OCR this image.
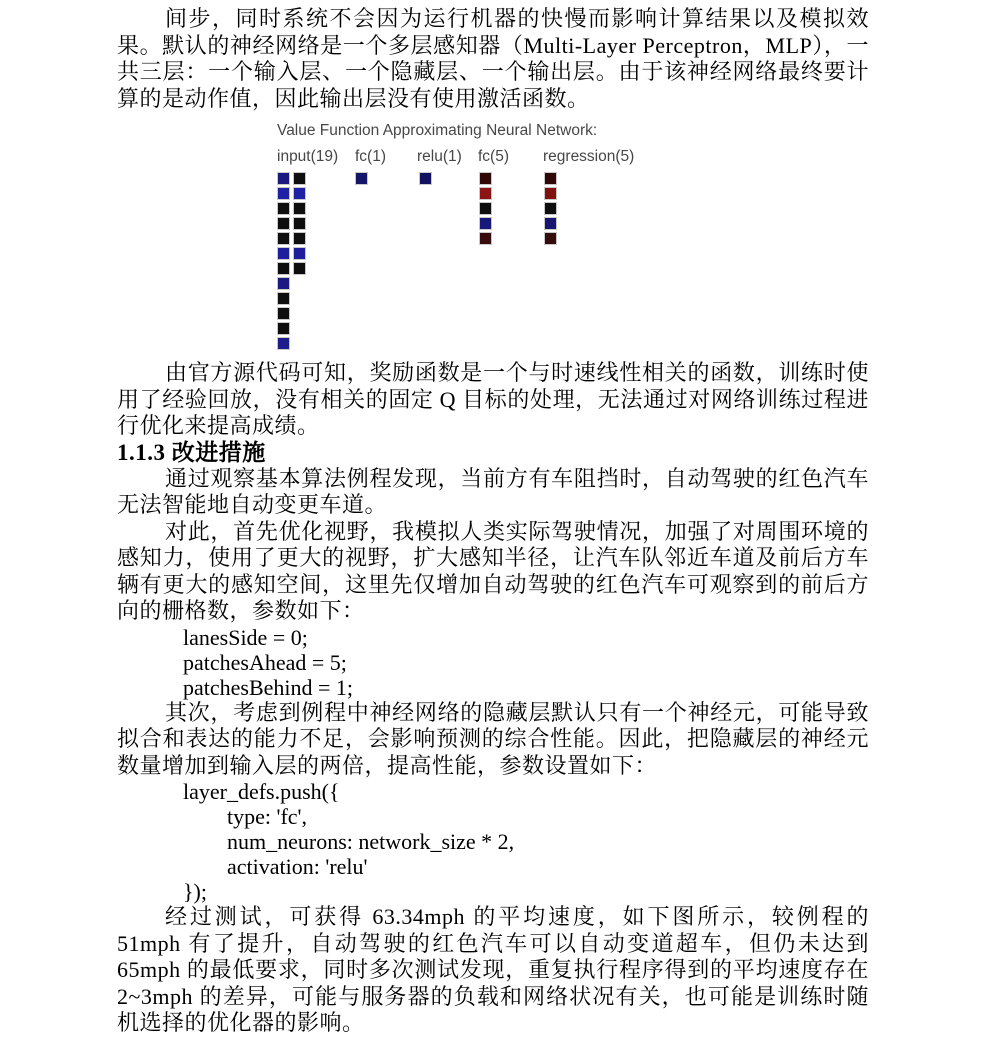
间步，同时系统不会因为运行机器的快慢而影响计算结果以及模拟效果。默认的神经网络是一个多层感知器（Multi-Layer Perceptron，MLP），一共三层：一个输入层、一个隐藏层、一个输出层。由于该神经网络最终要计算的是动作值，因此输出层没有使用激活函数。

Value Function Approximating Neural Network:

input(19) fc(1) relu(1) fc(5) regression(5)

由官方源代码可知，奖励函数是一个与时速线性相关的函数，训练时使用了经验回放，没有相关的固定 Q 目标的处理，无法通过对网络训练过程进行优化来提高成绩。

1.1.3 改进措施

通过观察基本算法例程发现，当前方有车阻挡时，自动驾驶的红色汽车无法智能地自动变更车道。

对此，首先优化视野，我模拟人类实际驾驶情况，加强了对周围环境的感知力，使用了更大的视野，扩大感知半径，让汽车队邻近车道及前后方车辆有更大的感知空间，这里先仅增加自动驾驶的红色汽车可观察到的前后方向的栅格数，参数如下：

lanesSide = 0;
patchesAhead = 5;
patchesBehind = 1;

其次，考虑到例程中神经网络的隐藏层默认只有一个神经元，可能导致拟合和表达的能力不足，会影响预测的综合性能。因此，把隐藏层的神经元数量增加到输入层的两倍，提高性能，参数设置如下：

layer_defs.push({
type: 'fc',
num_neurons: network_size * 2,
activation: 'relu'
});

经过测试，可获得 63.34mph 的平均速度，如下图所示，较例程的 51mph 有了提升，自动驾驶的红色汽车可以自动变道超车，但仍未达到 65mph 的最低要求，同时多次测试发现，重复执行程序得到的平均速度存在 2~3mph 的差异，可能与服务器的负载和网络状况有关，也可能是训练时随机选择的优化器的影响。
